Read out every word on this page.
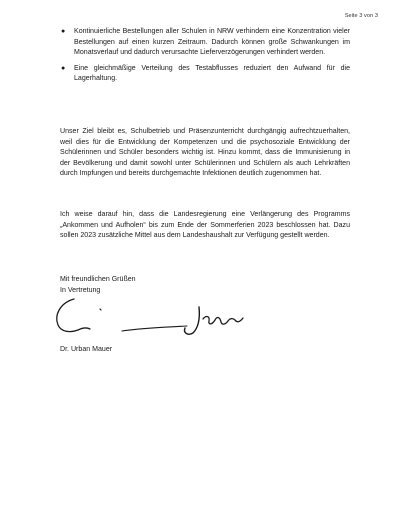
Seite 3 von 3
● Kontinuierliche Bestellungen aller Schulen in NRW verhindern eine Konzentration vieler Bestellungen auf einen kurzen Zeitraum. Dadurch können große Schwankungen im Monatsverlauf und dadurch verursachte Lieferverzögerungen verhindert werden.
● Eine gleichmäßige Verteilung des Testabflusses reduziert den Aufwand für die Lagerhaltung.

Unser Ziel bleibt es, Schulbetrieb und Präsenzunterricht durchgängig aufrechtzuerhalten, weil dies für die Entwicklung der Kompetenzen und die psychosoziale Entwicklung der Schülerinnen und Schüler besonders wichtig ist. Hinzu kommt, dass die Immunisierung in der Bevölkerung und damit sowohl unter Schülerinnen und Schülern als auch Lehrkräften durch Impfungen und bereits durchgemachte Infektionen deutlich zugenommen hat.

Ich weise darauf hin, dass die Landesregierung eine Verlängerung des Programms „Ankommen und Aufholen“ bis zum Ende der Sommerferien 2023 beschlossen hat. Dazu sollen 2023 zusätzliche Mittel aus dem Landeshaushalt zur Verfügung gestellt werden.

Mit freundlichen Grüßen
In Vertretung
Dr. Urban Mauer
